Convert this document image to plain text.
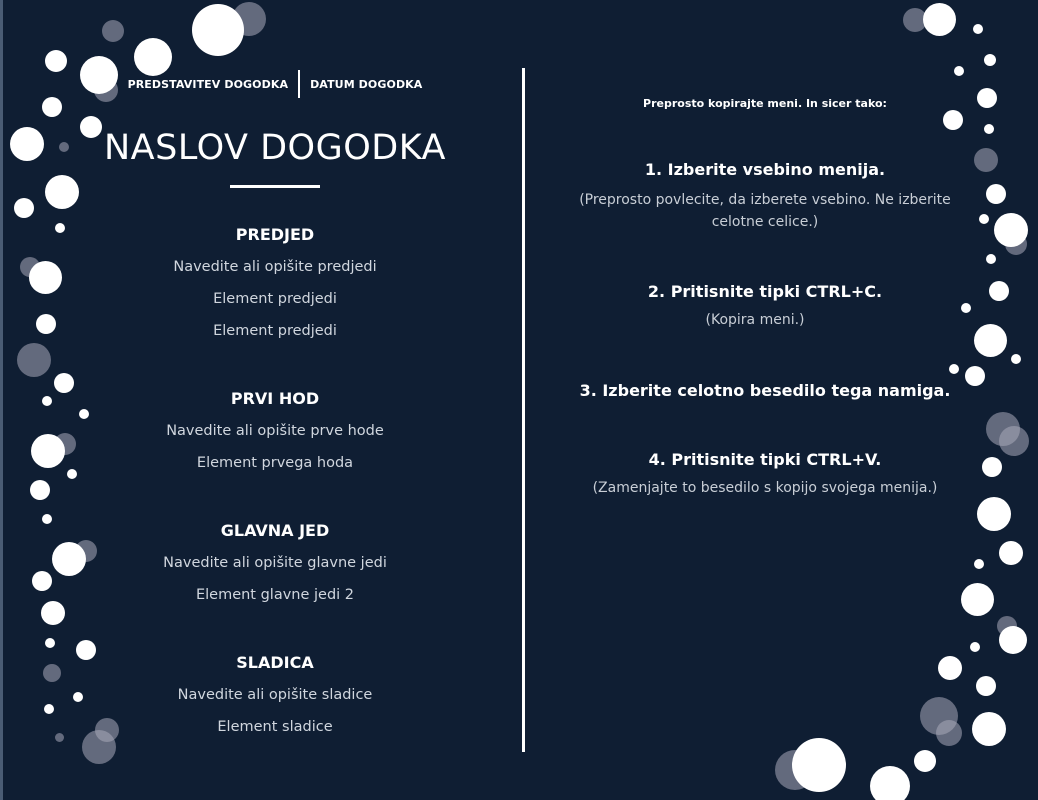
PREDSTAVITEV DOGODKA	DATUM DOGODKA
NASLOV DOGODKA
PREDJED
Navedite ali opišite predjedi
Element predjedi
Element predjedi
PRVI HOD
Navedite ali opišite prve hode
Element prvega hoda
GLAVNA JED
Navedite ali opišite glavne jedi
Element glavne jedi 2
SLADICA
Navedite ali opišite sladice
Element sladice
Preprosto kopirajte meni. In sicer tako:
1. Izberite vsebino menija.
(Preprosto povlecite, da izberete vsebino. Ne izberite celotne celice.)
2. Pritisnite tipki CTRL+C.
(Kopira meni.)
3. Izberite celotno besedilo tega namiga.
4. Pritisnite tipki CTRL+V.
(Zamenjajte to besedilo s kopijo svojega menija.)
